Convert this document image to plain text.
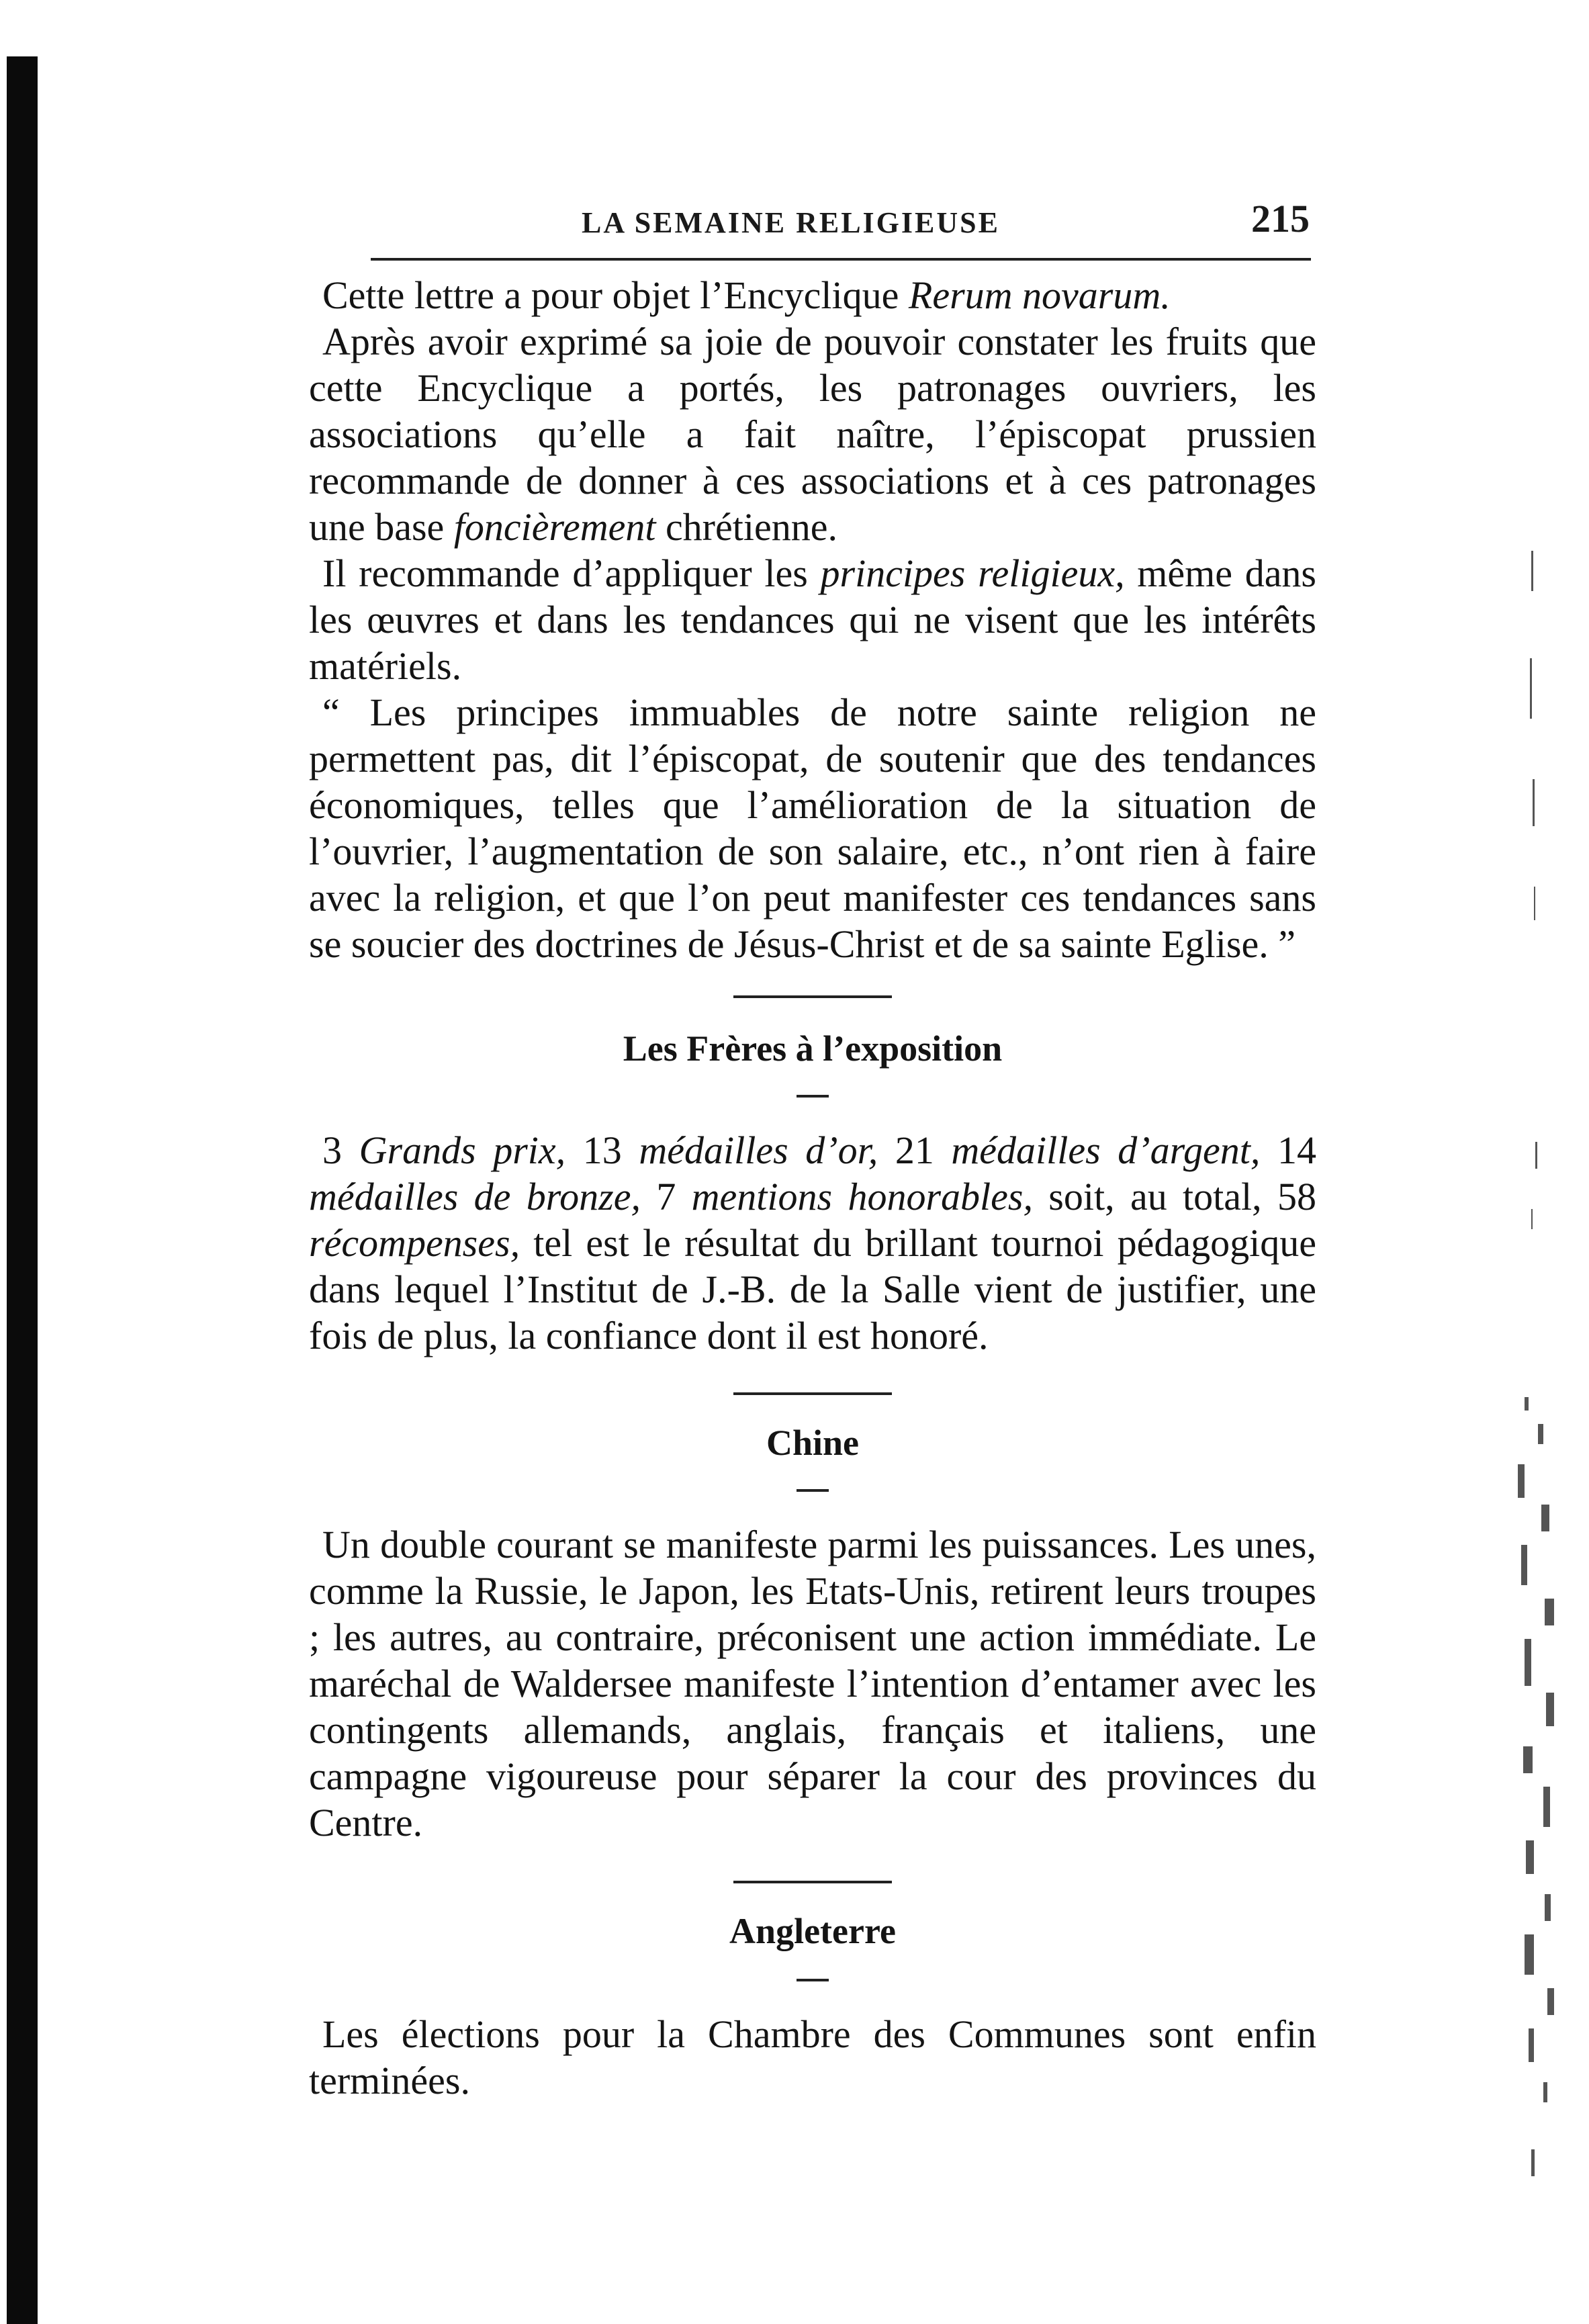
LA SEMAINE RELIGIEUSE	215

Cette lettre a pour objet l’Encyclique Rerum novarum.

Après avoir exprimé sa joie de pouvoir constater les fruits que cette Encyclique a portés, les patronages ouvriers, les associations qu’elle a fait naître, l’épiscopat prussien recommande de donner à ces associations et à ces patronages une base foncièrement chrétienne.

Il recommande d’appliquer les principes religieux, même dans les œuvres et dans les tendances qui ne visent que les intérêts matériels.

“ Les principes immuables de notre sainte religion ne permettent pas, dit l’épiscopat, de soutenir que des tendances économiques, telles que l’amélioration de la situation de l’ouvrier, l’augmentation de son salaire, etc., n’ont rien à faire avec la religion, et que l’on peut manifester ces tendances sans se soucier des doctrines de Jésus-Christ et de sa sainte Eglise. ”

Les Frères à l’exposition

3 Grands prix, 13 médailles d’or, 21 médailles d’argent, 14 médailles de bronze, 7 mentions honorables, soit, au total, 58 récompenses, tel est le résultat du brillant tournoi pédagogique dans lequel l’Institut de J.-B. de la Salle vient de justifier, une fois de plus, la confiance dont il est honoré.

Chine

Un double courant se manifeste parmi les puissances. Les unes, comme la Russie, le Japon, les Etats-Unis, retirent leurs troupes ; les autres, au contraire, préconisent une action immédiate. Le maréchal de Waldersee manifeste l’intention d’entamer avec les contingents allemands, anglais, français et italiens, une campagne vigoureuse pour séparer la cour des provinces du Centre.

Angleterre

Les élections pour la Chambre des Communes sont enfin terminées.
